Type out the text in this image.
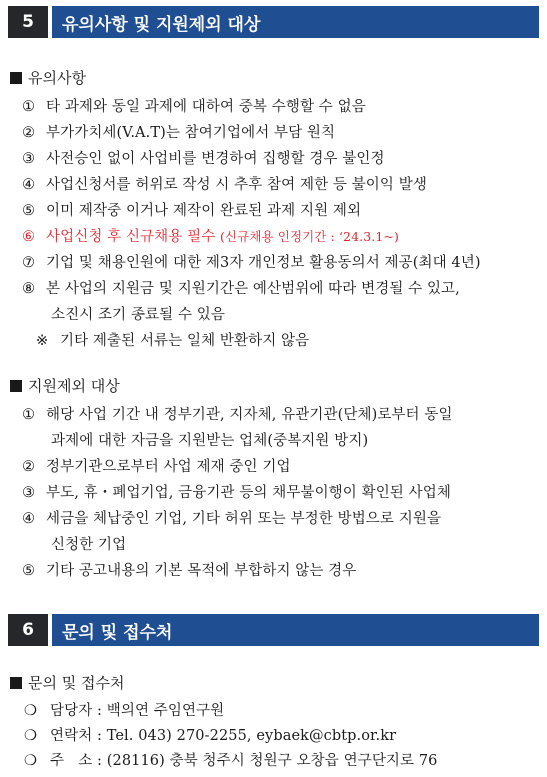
5	유의사항 및 지원제외 대상
유의사항
① 타 과제와 동일 과제에 대하여 중복 수행할 수 없음
② 부가가치세(V.A.T)는 참여기업에서 부담 원칙
③ 사전승인 없이 사업비를 변경하여 집행할 경우 불인정
④ 사업신청서를 허위로 작성 시 추후 참여 제한 등 불이익 발생
⑤ 이미 제작중 이거나 제작이 완료된 과제 지원 제외
⑥ 사업신청 후 신규채용 필수 (신규채용 인정기간 : ‘24.3.1~)
⑦ 기업 및 채용인원에 대한 제3자 개인정보 활용동의서 제공(최대 4년)
⑧ 본 사업의 지원금 및 지원기간은 예산범위에 따라 변경될 수 있고,
소진시 조기 종료될 수 있음
※ 기타 제출된 서류는 일체 반환하지 않음
지원제외 대상
① 해당 사업 기간 내 정부기관, 지자체, 유관기관(단체)로부터 동일
과제에 대한 자금을 지원받는 업체(중복지원 방지)
② 정부기관으로부터 사업 제재 중인 기업
③ 부도, 휴・폐업기업, 금융기관 등의 채무불이행이 확인된 사업체
④ 세금을 체납중인 기업, 기타 허위 또는 부정한 방법으로 지원을
신청한 기업
⑤ 기타 공고내용의 기본 목적에 부합하지 않는 경우
6	문의 및 접수처
문의 및 접수처
❍ 담당자 : 백의연 주임연구원
❍ 연락처 : Tel. 043) 270-2255, eybaek@cbtp.or.kr
❍ 주   소 : (28116) 충북 청주시 청원구 오창읍 연구단지로 76
